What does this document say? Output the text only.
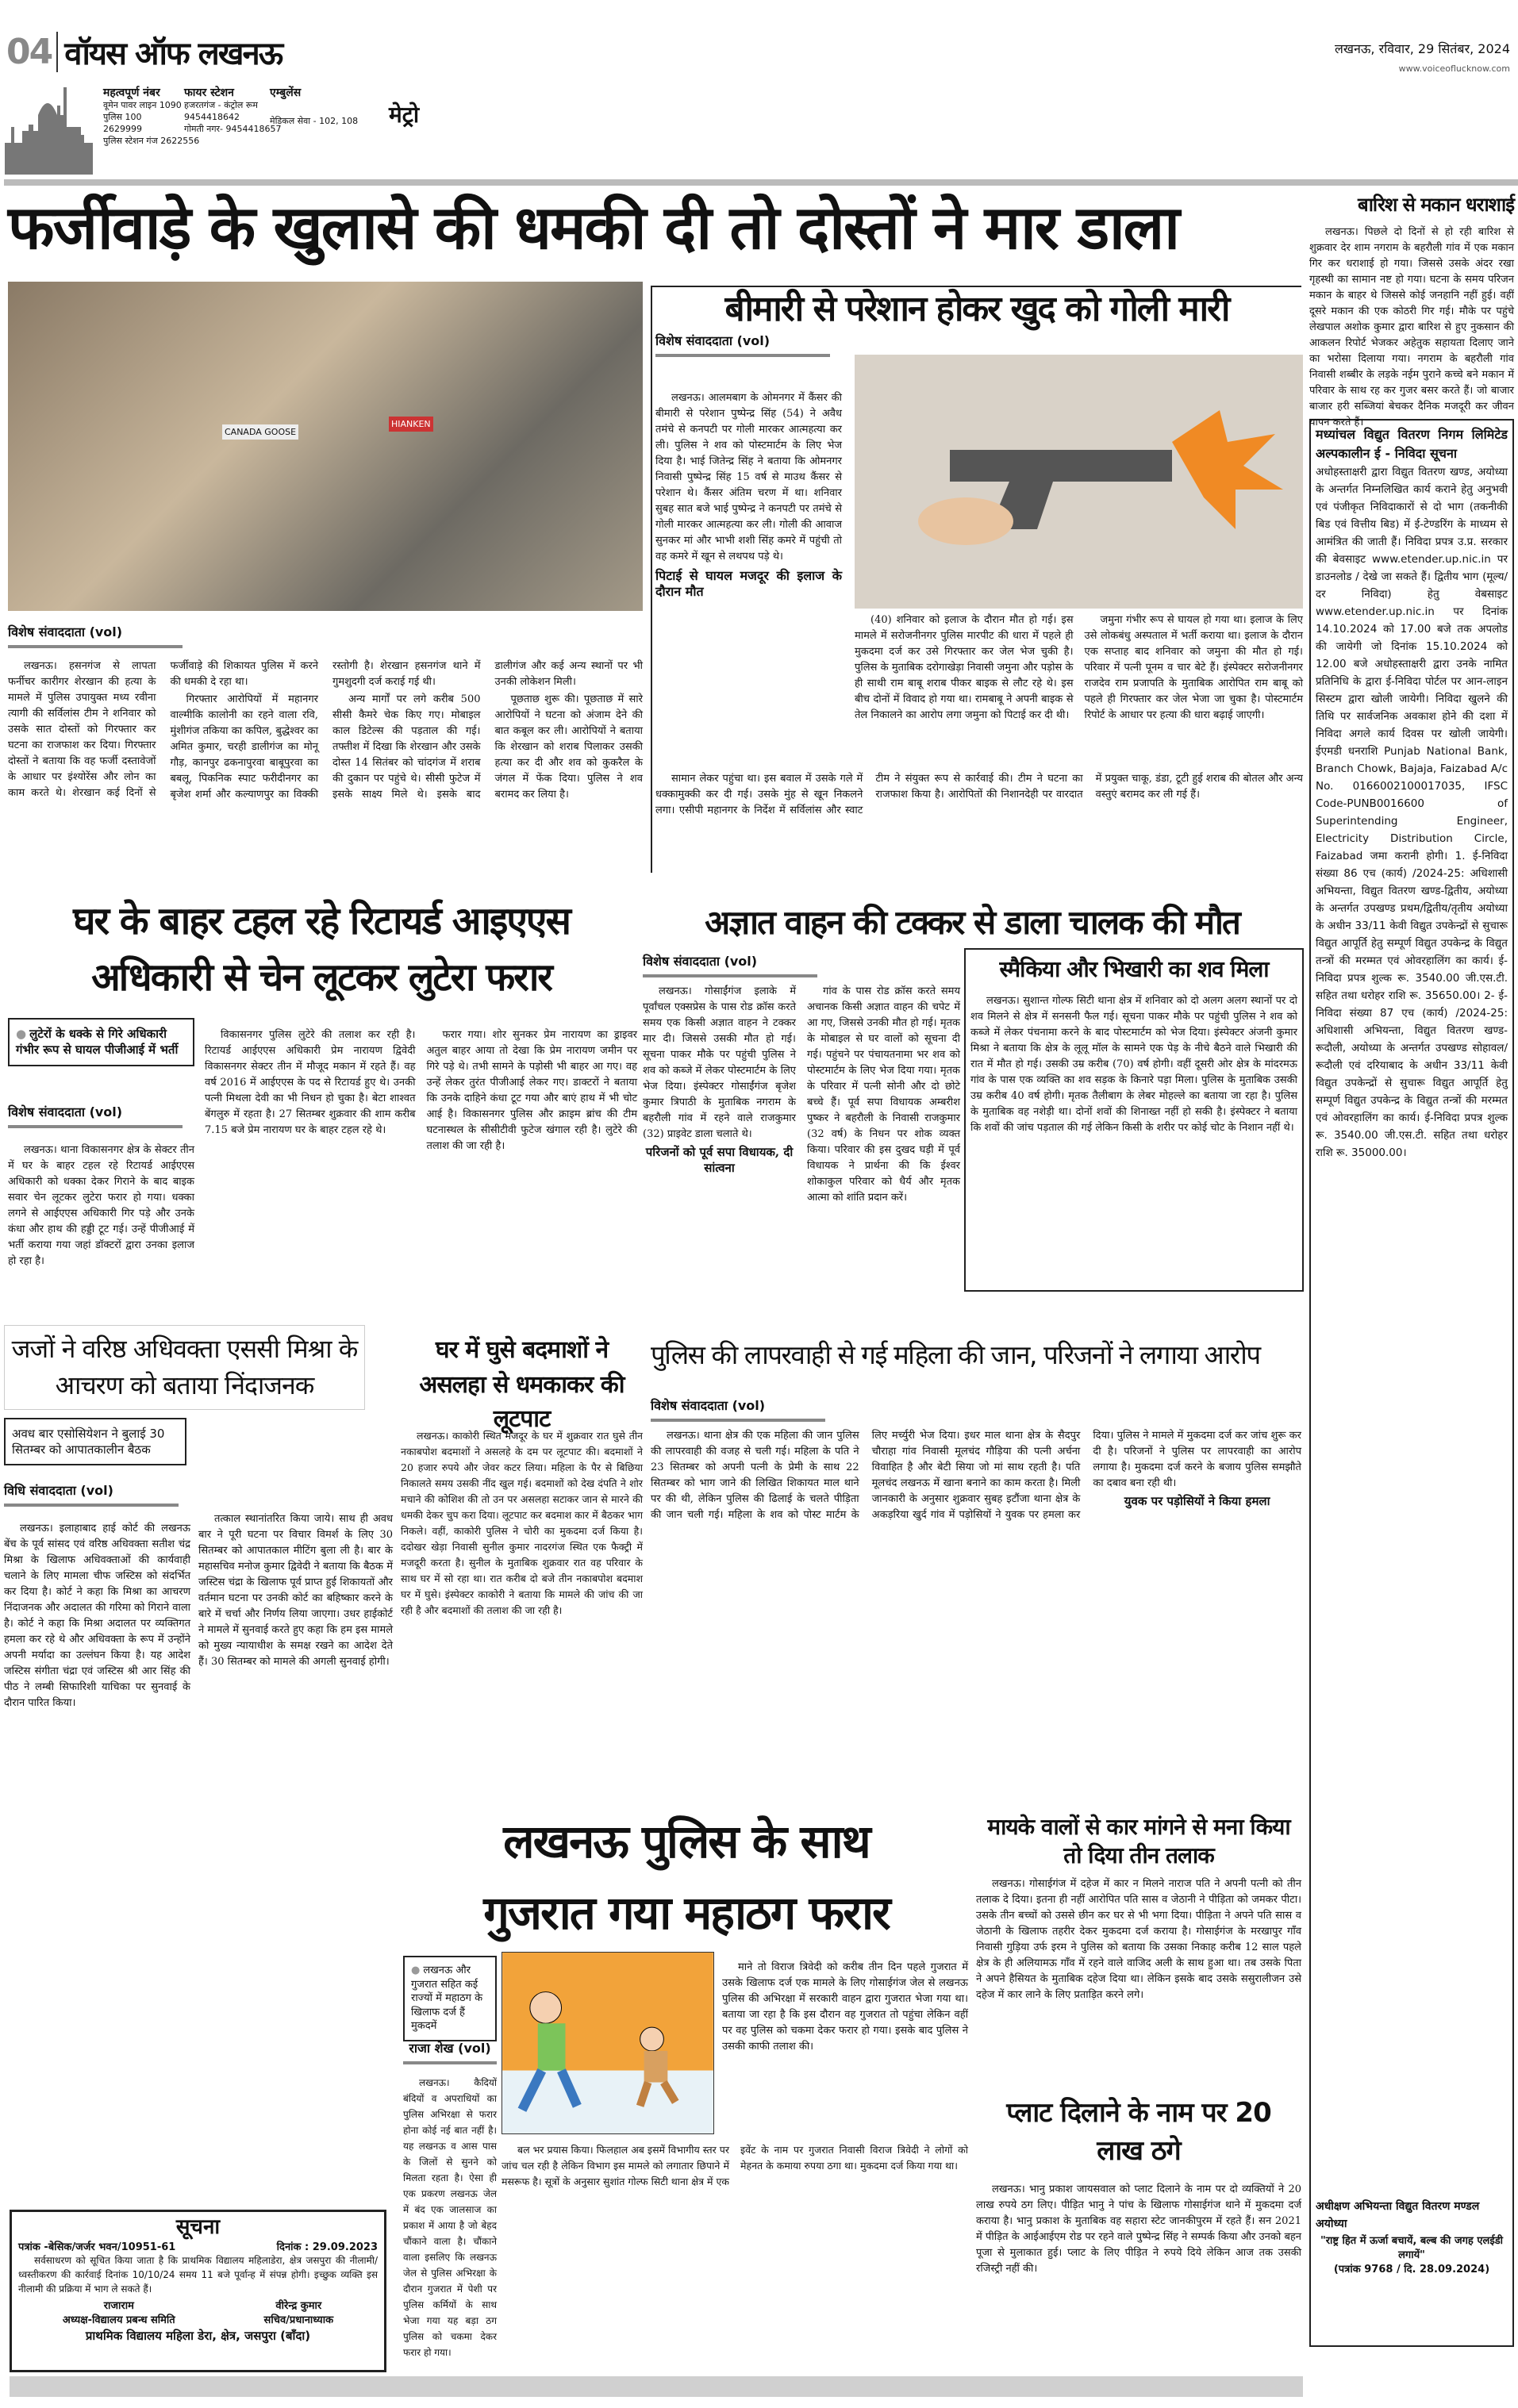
04 वॉयस ऑफ लखनऊ	लखनऊ, रविवार, 29 सितंबर, 2024
www.voiceoflucknow.com
महत्वपूर्ण नंबर
वूमेन पावर लाइन 1090
पुलिस 100
2629999
पुलिस स्टेशन गंज 2622556
फायर स्टेशन
हजरतगंज - कंट्रोल रूम
9454418642
गोमती नगर- 9454418657
एम्बुलेंस
मेडिकल सेवा - 102, 108 मेट्रो
फर्जीवाड़े के खुलासे की धमकी दी तो दोस्तों ने मार डाला
CANADA GOOSE
HIANKEN
विशेष संवाददाता (vol)

लखनऊ। हसनगंज से लापता फर्नीचर कारीगर शेरखान की हत्या के मामले में पुलिस उपायुक्त मध्य रवीना त्यागी की सर्विलांस टीम ने शनिवार को उसके सात दोस्तों को गिरफ्तार कर घटना का राजफाश कर दिया। गिरफ्तार दोस्तों ने बताया कि वह फर्जी दस्तावेजों के आधार पर इंश्योरेंस और लोन का काम करते थे। शेरखान कई दिनों से फर्जीवाड़े की शिकायत पुलिस में करने की धमकी दे रहा था।

गिरफ्तार आरोपियों में महानगर वाल्मीकि कालोनी का रहने वाला रवि, मुंशीगंज तकिया का कपिल, बुद्धेश्वर का अमित कुमार, चरही डालीगंज का मोनू गौड़, कानपुर ढकनापुरवा बाबूपुरवा का बबलू, पिकनिक स्पाट फरीदीनगर का बृजेश शर्मा और कल्याणपुर का विक्की रस्तोगी है। शेरखान हसनगंज थाने में गुमशुदगी दर्ज कराई गई थी।

अन्य मार्गों पर लगे करीब 500 सीसी कैमरे चेक किए गए। मोबाइल काल डिटेल्स की पड़ताल की गई। तफ्तीश में दिखा कि शेरखान और उसके दोस्त 14 सितंबर को चांदगंज में शराब की दुकान पर पहुंचे थे। सीसी फुटेज में इसके साक्ष्य मिले थे। इसके बाद डालीगंज और कई अन्य स्थानों पर भी उनकी लोकेशन मिली।

पूछताछ शुरू की। पूछताछ में सारे आरोपियों ने घटना को अंजाम देने की बात कबूल कर ली। आरोपियों ने बताया कि शेरखान को शराब पिलाकर उसकी हत्या कर दी और शव को कुकरैल के जंगल में फेंक दिया। पुलिस ने शव बरामद कर लिया है।

बीमारी से परेशान होकर खुद को गोली मारी
विशेष संवाददाता (vol)

लखनऊ। आलमबाग के ओमनगर में कैंसर की बीमारी से परेशान पुष्पेन्द्र सिंह (54) ने अवैध तमंचे से कनपटी पर गोली मारकर आत्महत्या कर ली। पुलिस ने शव को पोस्टमार्टम के लिए भेज दिया है। भाई जितेन्द्र सिंह ने बताया कि ओमनगर निवासी पुष्पेन्द्र सिंह 15 वर्ष से माउथ कैंसर से परेशान थे। कैंसर अंतिम चरण में था। शनिवार सुबह सात बजे भाई पुष्पेन्द्र ने कनपटी पर तमंचे से गोली मारकर आत्महत्या कर ली। गोली की आवाज सुनकर मां और भाभी शशी सिंह कमरे में पहुंची तो वह कमरे में खून से लथपथ पड़े थे।

पिटाई से घायल मजदूर की इलाज के दौरान मौत

(40) शनिवार को इलाज के दौरान मौत हो गई। इस मामले में सरोजनीनगर पुलिस मारपीट की धारा में पहले ही मुकदमा दर्ज कर उसे गिरफ्तार कर जेल भेज चुकी है। पुलिस के मुताबिक दरोगाखेड़ा निवासी जमुना और पड़ोस के ही साथी राम बाबू शराब पीकर बाइक से लौट रहे थे। इस बीच दोनों में विवाद हो गया था। रामबाबू ने अपनी बाइक से तेल निकालने का आरोप लगा जमुना को पिटाई कर दी थी।

जमुना गंभीर रूप से घायल हो गया था। इलाज के लिए उसे लोकबंधु अस्पताल में भर्ती कराया था। इलाज के दौरान एक सप्ताह बाद शनिवार को जमुना की मौत हो गई। परिवार में पत्नी पूनम व चार बेटे हैं। इंस्पेक्टर सरोजनीनगर राजदेव राम प्रजापति के मुताबिक आरोपित राम बाबू को पहले ही गिरफ्तार कर जेल भेजा जा चुका है। पोस्टमार्टम रिपोर्ट के आधार पर हत्या की धारा बढ़ाई जाएगी।

सामान लेकर पहुंचा था। इस बवाल में उसके गले में धक्कामुक्की कर दी गई। उसके मुंह से खून निकलने लगा। एसीपी महानगर के निर्देश में सर्विलांस और स्वाट टीम ने संयुक्त रूप से कार्रवाई की। टीम ने घटना का राजफाश किया है। आरोपितों की निशानदेही पर वारदात में प्रयुक्त चाकू, डंडा, टूटी हुई शराब की बोतल और अन्य वस्तुएं बरामद कर ली गई हैं।

बारिश से मकान धराशाई

लखनऊ। पिछले दो दिनों से हो रही बारिश से शुक्रवार देर शाम नगराम के बहरौली गांव में एक मकान गिर कर धराशाई हो गया। जिससे उसके अंदर रखा गृहस्थी का सामान नष्ट हो गया। घटना के समय परिजन मकान के बाहर थे जिससे कोई जनहानि नहीं हुई। वहीं दूसरे मकान की एक कोठरी गिर गई। मौके पर पहुंचे लेखपाल अशोक कुमार द्वारा बारिश से हुए नुकसान की आकलन रिपोर्ट भेजकर अहेतुक सहायता दिलाए जाने का भरोसा दिलाया गया। नगराम के बहरौली गांव निवासी शब्बीर के लड़के नईम पुराने कच्चे बने मकान में परिवार के साथ रह कर गुजर बसर करते हैं। जो बाजार बाजार हरी सब्जियां बेचकर दैनिक मजदूरी कर जीवन यापन करते हैं।

मध्यांचल विद्युत वितरण निगम लिमिटेड अल्पकालीन ई - निविदा सूचना
अधोहस्ताक्षरी द्वारा विद्युत वितरण खण्ड, अयोध्या के अन्तर्गत निम्नलिखित कार्य कराने हेतु अनुभवी एवं पंजीकृत निविदाकारों से दो भाग (तकनीकी बिड एवं वित्तीय बिड) में ई-टेण्डरिंग के माध्यम से आमंत्रित की जाती हैं। निविदा प्रपत्र उ.प्र. सरकार की बेवसाइट www.etender.up.nic.in पर डाउनलोड / देखे जा सकते हैं। द्वितीय भाग (मूल्य/दर निविदा) हेतु वेबसाइट www.etender.up.nic.in पर दिनांक 14.10.2024 को 17.00 बजे तक अपलोड की जायेगी जो दिनांक 15.10.2024 को 12.00 बजे अधोहस्ताक्षरी द्वारा उनके नामित प्रतिनिधि के द्वारा ई-निविदा पोर्टल पर आन-लाइन सिस्टम द्वारा खोली जायेगी। निविदा खुलने की तिथि पर सार्वजनिक अवकाश होने की दशा में निविदा अगले कार्य दिवस पर खोली जायेगी। ईएमडी धनराशि Punjab National Bank, Branch Chowk, Bajaja, Faizabad A/c No. 0166002100017035, IFSC Code-PUNB0016600 of Superintending Engineer, Electricity Distribution Circle, Faizabad जमा करानी होगी। 1. ई-निविदा संख्या 86 एच (कार्य) /2024-25: अधिशासी अभियन्ता, विद्युत वितरण खण्ड-द्वितीय, अयोध्या के अन्तर्गत उपखण्ड प्रथम/द्वितीय/तृतीय अयोध्या के अधीन 33/11 केवी विद्युत उपकेन्द्रों से सुचारू विद्युत आपूर्ति हेतु सम्पूर्ण विद्युत उपकेन्द्र के विद्युत तन्त्रों की मरम्मत एवं ओवरहालिंग का कार्य। ई-निविदा प्रपत्र शुल्क रू. 3540.00 जी.एस.टी. सहित तथा धरोहर राशि रू. 35650.00। 2- ई-निविदा संख्या 87 एच (कार्य) /2024-25: अधिशासी अभियन्ता, विद्युत वितरण खण्ड-रूदौली, अयोध्या के अन्तर्गत उपखण्ड सोहावल/रूदौली एवं दरियाबाद के अधीन 33/11 केवी विद्युत उपकेन्द्रों से सुचारू विद्युत आपूर्ति हेतु सम्पूर्ण विद्युत उपकेन्द्र के विद्युत तन्त्रों की मरम्मत एवं ओवरहालिंग का कार्य। ई-निविदा प्रपत्र शुल्क रू. 3540.00 जी.एस.टी. सहित तथा धरोहर राशि रू. 35000.00।
अधीक्षण अभियन्ता विद्युत वितरण मण्डल अयोध्या
"राष्ट्र हित में ऊर्जा बचायें, बल्ब की जगह एलईडी लगायें"
(पत्रांक 9768 / दि. 28.09.2024)
घर के बाहर टहल रहे रिटायर्ड आइएएस
अधिकारी से चेन लूटकर लुटेरा फरार
● लुटेरों के धक्के से गिरे अधिकारी गंभीर रूप से घायल पीजीआई में भर्ती
विशेष संवाददाता (vol)

लखनऊ। थाना विकासनगर क्षेत्र के सेक्टर तीन में घर के बाहर टहल रहे रिटायर्ड आईएएस अधिकारी को धक्का देकर गिराने के बाद बाइक सवार चेन लूटकर लुटेरा फरार हो गया। धक्का लगने से आईएएस अधिकारी गिर पड़े और उनके कंधा और हाथ की हड्डी टूट गई। उन्हें पीजीआई में भर्ती कराया गया जहां डॉक्टरों द्वारा उनका इलाज हो रहा है।

विकासनगर पुलिस लुटेरे की तलाश कर रही है। रिटायर्ड आईएएस अधिकारी प्रेम नारायण द्विवेदी विकासनगर सेक्टर तीन में मौजूद मकान में रहते हैं। वह वर्ष 2016 में आईएएस के पद से रिटायर्ड हुए थे। उनकी पत्नी मिथला देवी का भी निधन हो चुका है। बेटा शाश्वत बेंगलुरु में रहता है। 27 सितम्बर शुक्रवार की शाम करीब 7.15 बजे प्रेम नारायण घर के बाहर टहल रहे थे।

फरार गया। शोर सुनकर प्रेम नारायण का ड्राइवर अतुल बाहर आया तो देखा कि प्रेम नारायण जमीन पर गिरे पड़े थे। तभी सामने के पड़ोसी भी बाहर आ गए। वह उन्हें लेकर तुरंत पीजीआई लेकर गए। डाक्टरों ने बताया कि उनके दाहिने कंधा टूट गया और बाएं हाथ में भी चोट आई है। विकासनगर पुलिस और क्राइम ब्रांच की टीम घटनास्थल के सीसीटीवी फुटेज खंगाल रही है। लुटेरे की तलाश की जा रही है।

अज्ञात वाहन की टक्कर से डाला चालक की मौत
विशेष संवाददाता (vol)

लखनऊ। गोसाईंगंज इलाके में पूर्वांचल एक्सप्रेस के पास रोड क्रॉस करते समय एक किसी अज्ञात वाहन ने टक्कर मार दी। जिससे उसकी मौत हो गई। सूचना पाकर मौके पर पहुंची पुलिस ने शव को कब्जे में लेकर पोस्टमार्टम के लिए भेज दिया। इंस्पेक्टर गोसाईंगंज बृजेश कुमार त्रिपाठी के मुताबिक नगराम के बहरौली गांव में रहने वाले राजकुमार (32) प्राइवेट डाला चलाते थे।

परिजनों को पूर्व सपा विधायक, दी सांत्वना

गांव के पास रोड क्रॉस करते समय अचानक किसी अज्ञात वाहन की चपेट में आ गए, जिससे उनकी मौत हो गई। मृतक के मोबाइल से घर वालों को सूचना दी गई। पहुंचने पर पंचायतनामा भर शव को पोस्टमार्टम के लिए भेज दिया गया। मृतक के परिवार में पत्नी सोनी और दो छोटे बच्चे हैं। पूर्व सपा विधायक अम्बरीश पुष्कर ने बहरौली के निवासी राजकुमार (32 वर्ष) के निधन पर शोक व्यक्त किया। परिवार की इस दुखद घड़ी में पूर्व विधायक ने प्रार्थना की कि ईश्वर शोकाकुल परिवार को धैर्य और मृतक आत्मा को शांति प्रदान करें।

स्मैकिया और भिखारी का शव मिला

लखनऊ। सुशान्त गोल्फ सिटी थाना क्षेत्र में शनिवार को दो अलग अलग स्थानों पर दो शव मिलने से क्षेत्र में सनसनी फैल गई। सूचना पाकर मौके पर पहुंची पुलिस ने शव को कब्जे में लेकर पंचनामा करने के बाद पोस्टमार्टम को भेज दिया। इंस्पेक्टर अंजनी कुमार मिश्रा ने बताया कि क्षेत्र के लूलू मॉल के सामने एक पेड़ के नीचे बैठने वाले भिखारी की रात में मौत हो गई। उसकी उम्र करीब (70) वर्ष होगी। वहीं दूसरी ओर क्षेत्र के मांदरमऊ गांव के पास एक व्यक्ति का शव सड़क के किनारे पड़ा मिला। पुलिस के मुताबिक उसकी उम्र करीब 40 वर्ष होगी। मृतक तैलीबाग के लेबर मोहल्ले का बताया जा रहा है। पुलिस के मुताबिक वह नशेड़ी था। दोनों शवों की शिनाख्त नहीं हो सकी है। इंस्पेक्टर ने बताया कि शवों की जांच पड़ताल की गई लेकिन किसी के शरीर पर कोई चोट के निशान नहीं थे।

जजों ने वरिष्ठ अधिवक्ता एससी मिश्रा के आचरण को बताया निंदाजनक
अवध बार एसोसियेशन ने बुलाई 30 सितम्बर को आपातकालीन बैठक
विधि संवाददाता (vol)

लखनऊ। इलाहाबाद हाई कोर्ट की लखनऊ बेंच के पूर्व सांसद एवं वरिष्ठ अधिवक्ता सतीश चंद्र मिश्रा के खिलाफ अधिवक्ताओं की कार्यवाही चलाने के लिए मामला चीफ जस्टिस को संदर्भित कर दिया है। कोर्ट ने कहा कि मिश्रा का आचरण निंदाजनक और अदालत की गरिमा को गिराने वाला है। कोर्ट ने कहा कि मिश्रा अदालत पर व्यक्तिगत हमला कर रहे थे और अधिवक्ता के रूप में उन्होंने अपनी मर्यादा का उल्लंघन किया है। यह आदेश जस्टिस संगीता चंद्रा एवं जस्टिस श्री आर सिंह की पीठ ने लम्बी सिफारिशी याचिका पर सुनवाई के दौरान पारित किया।

तत्काल स्थानांतरित किया जाये। साथ ही अवध बार ने पूरी घटना पर विचार विमर्श के लिए 30 सितम्बर को आपातकाल मीटिंग बुला ली है। बार के महासचिव मनोज कुमार द्विवेदी ने बताया कि बैठक में जस्टिस चंद्रा के खिलाफ पूर्व प्राप्त हुई शिकायतों और वर्तमान घटना पर उनकी कोर्ट का बहिष्कार करने के बारे में चर्चा और निर्णय लिया जाएगा। उधर हाईकोर्ट ने मामले में सुनवाई करते हुए कहा कि हम इस मामले को मुख्य न्यायाधीश के समक्ष रखने का आदेश देते हैं। 30 सितम्बर को मामले की अगली सुनवाई होगी।

घर में घुसे बदमाशों ने असलहा से धमकाकर की लूटपाट

लखनऊ। काकोरी स्थित मजदूर के घर में शुक्रवार रात घुसे तीन नकाबपोश बदमाशों ने असलहे के दम पर लूटपाट की। बदमाशों ने 20 हजार रुपये और जेवर कटर लिया। महिला के पैर से बिछिया निकालते समय उसकी नींद खुल गई। बदमाशों को देख दंपति ने शोर मचाने की कोशिश की तो उन पर असलहा सटाकर जान से मारने की धमकी देकर चुप करा दिया। लूटपाट कर बदमाश कार में बैठकर भाग निकले। वहीं, काकोरी पुलिस ने चोरी का मुकदमा दर्ज किया है। ददोखर खेड़ा निवासी सुनील कुमार नादरगंज स्थित एक फैक्ट्री में मजदूरी करता है। सुनील के मुताबिक शुक्रवार रात वह परिवार के साथ घर में सो रहा था। रात करीब दो बजे तीन नकाबपोश बदमाश घर में घुसे। इंस्पेक्टर काकोरी ने बताया कि मामले की जांच की जा रही है और बदमाशों की तलाश की जा रही है।

पुलिस की लापरवाही से गई महिला की जान, परिजनों ने लगाया आरोप
विशेष संवाददाता (vol)

लखनऊ। थाना क्षेत्र की एक महिला की जान पुलिस की लापरवाही की वजह से चली गई। महिला के पति ने 23 सितम्बर को अपनी पत्नी के प्रेमी के साथ 22 सितम्बर को भाग जाने की लिखित शिकायत माल थाने पर की थी, लेकिन पुलिस की ढिलाई के चलते पीड़िता की जान चली गई। महिला के शव को पोस्ट मार्टम के लिए मर्च्युरी भेज दिया। इधर माल थाना क्षेत्र के सैदपुर चौराहा गांव निवासी मूलचंद गौड़िया की पत्नी अर्चना विवाहित है और बेटी सिया जो मां साथ रहती है। पति मूलचंद लखनऊ में खाना बनाने का काम करता है। मिली जानकारी के अनुसार शुक्रवार सुबह इटौंजा थाना क्षेत्र के अकड़रिया खुर्द गांव में पड़ोसियों ने युवक पर हमला कर दिया। पुलिस ने मामले में मुकदमा दर्ज कर जांच शुरू कर दी है। परिजनों ने पुलिस पर लापरवाही का आरोप लगाया है। मुकदमा दर्ज करने के बजाय पुलिस समझौते का दबाव बना रही थी।

युवक पर पड़ोसियों ने किया हमला
लखनऊ पुलिस के साथ
गुजरात गया महाठग फरार
● लखनऊ और गुजरात सहित कई राज्यों में महाठग के खिलाफ दर्ज हैं मुकदमें
राजा शेख (vol)

लखनऊ। कैदियों बंदियों व अपराधियों का पुलिस अभिरक्षा से फरार होना कोई नई बात नहीं है। यह लखनऊ व आस पास के जिलों से सुनने को मिलता रहता है। ऐसा ही एक प्रकरण लखनऊ जेल में बंद एक जालसाज का प्रकाश में आया है जो बेहद चौंकाने वाला है। चौंकाने वाला इसलिए कि लखनऊ जेल से पुलिस अभिरक्षा के दौरान गुजरात में पेशी पर पुलिस कर्मियों के साथ भेजा गया यह बड़ा ठग पुलिस को चकमा देकर फरार हो गया।

बल भर प्रयास किया। फिलहाल अब इसमें विभागीय स्तर पर जांच चल रही है लेकिन विभाग इस मामले को लगातार छिपाने में मसरूफ है। सूत्रों के अनुसार सुशांत गोल्फ सिटी थाना क्षेत्र में एक इवेंट के नाम पर गुजरात निवासी विराज त्रिवेदी ने लोगों को मेहनत के कमाया रुपया ठगा था। मुकदमा दर्ज किया गया था।

माने तो विराज त्रिवेदी को करीब तीन दिन पहले गुजरात में उसके खिलाफ दर्ज एक मामले के लिए गोसाईगंज जेल से लखनऊ पुलिस की अभिरक्षा में सरकारी वाहन द्वारा गुजरात भेजा गया था। बताया जा रहा है कि इस दौरान वह गुजरात तो पहुंचा लेकिन वहीं पर वह पुलिस को चकमा देकर फरार हो गया। इसके बाद पुलिस ने उसकी काफी तलाश की।

मायके वालों से कार मांगने से मना किया तो दिया तीन तलाक

लखनऊ। गोसाईगंज में दहेज में कार न मिलने नाराज पति ने अपनी पत्नी को तीन तलाक दे दिया। इतना ही नहीं आरोपित पति सास व जेठानी ने पीड़िता को जमकर पीटा। उसके तीन बच्चों को उससे छीन कर घर से भी भगा दिया। पीड़िता ने अपने पति सास व जेठानी के खिलाफ तहरीर देकर मुकदमा दर्ज कराया है। गोसाईगंज के मरखापुर गाँव निवासी गुड़िया उर्फ इरम ने पुलिस को बताया कि उसका निकाह करीब 12 साल पहले क्षेत्र के ही अलियामऊ गाँव में रहने वाले वाजिद अली के साथ हुआ था। तब उसके पिता ने अपने हैसियत के मुताबिक दहेज दिया था। लेकिन इसके बाद उसके ससुरालीजन उसे दहेज में कार लाने के लिए प्रताड़ित करने लगे।

प्लाट दिलाने के नाम पर 20 लाख ठगे

लखनऊ। भानु प्रकाश जायसवाल को प्लाट दिलाने के नाम पर दो व्यक्तियों ने 20 लाख रुपये ठग लिए। पीड़ित भानु ने पांच के खिलाफ गोसाईगंज थाने में मुकदमा दर्ज कराया है। भानु प्रकाश के मुताबिक वह सहारा स्टेट जानकीपुरम में रहते हैं। सन 2021 में पीड़ित के आईआईएम रोड पर रहने वाले पुष्पेन्द्र सिंह ने सम्पर्क किया और उनको बहन पूजा से मुलाकात हुई। प्लाट के लिए पीड़ित ने रुपये दिये लेकिन आज तक उसकी रजिस्ट्री नहीं की।

सूचना
पत्रांक -बेसिक/जर्जर भवन/10951-61	दिनांक : 29.09.2023
सर्वसाधरण को सूचित किया जाता है कि प्राथमिक विद्यालय महिलाडेरा, क्षेत्र जसपुरा की नीलामी/ध्वस्तीकरण की कार्रवाई दिनांक 10/10/24 समय 11 बजे पूर्वान्ह में संपन्न होगी। इच्छुक व्यक्ति इस नीलामी की प्रक्रिया में भाग ले सकते हैं।
राजाराम
अध्यक्ष-विद्यालय प्रबन्ध समिति
वीरेन्द्र कुमार
सचिव/प्रधानाध्याक
प्राथमिक विद्यालय महिला डेरा, क्षेत्र, जसपुरा (बाँदा)
